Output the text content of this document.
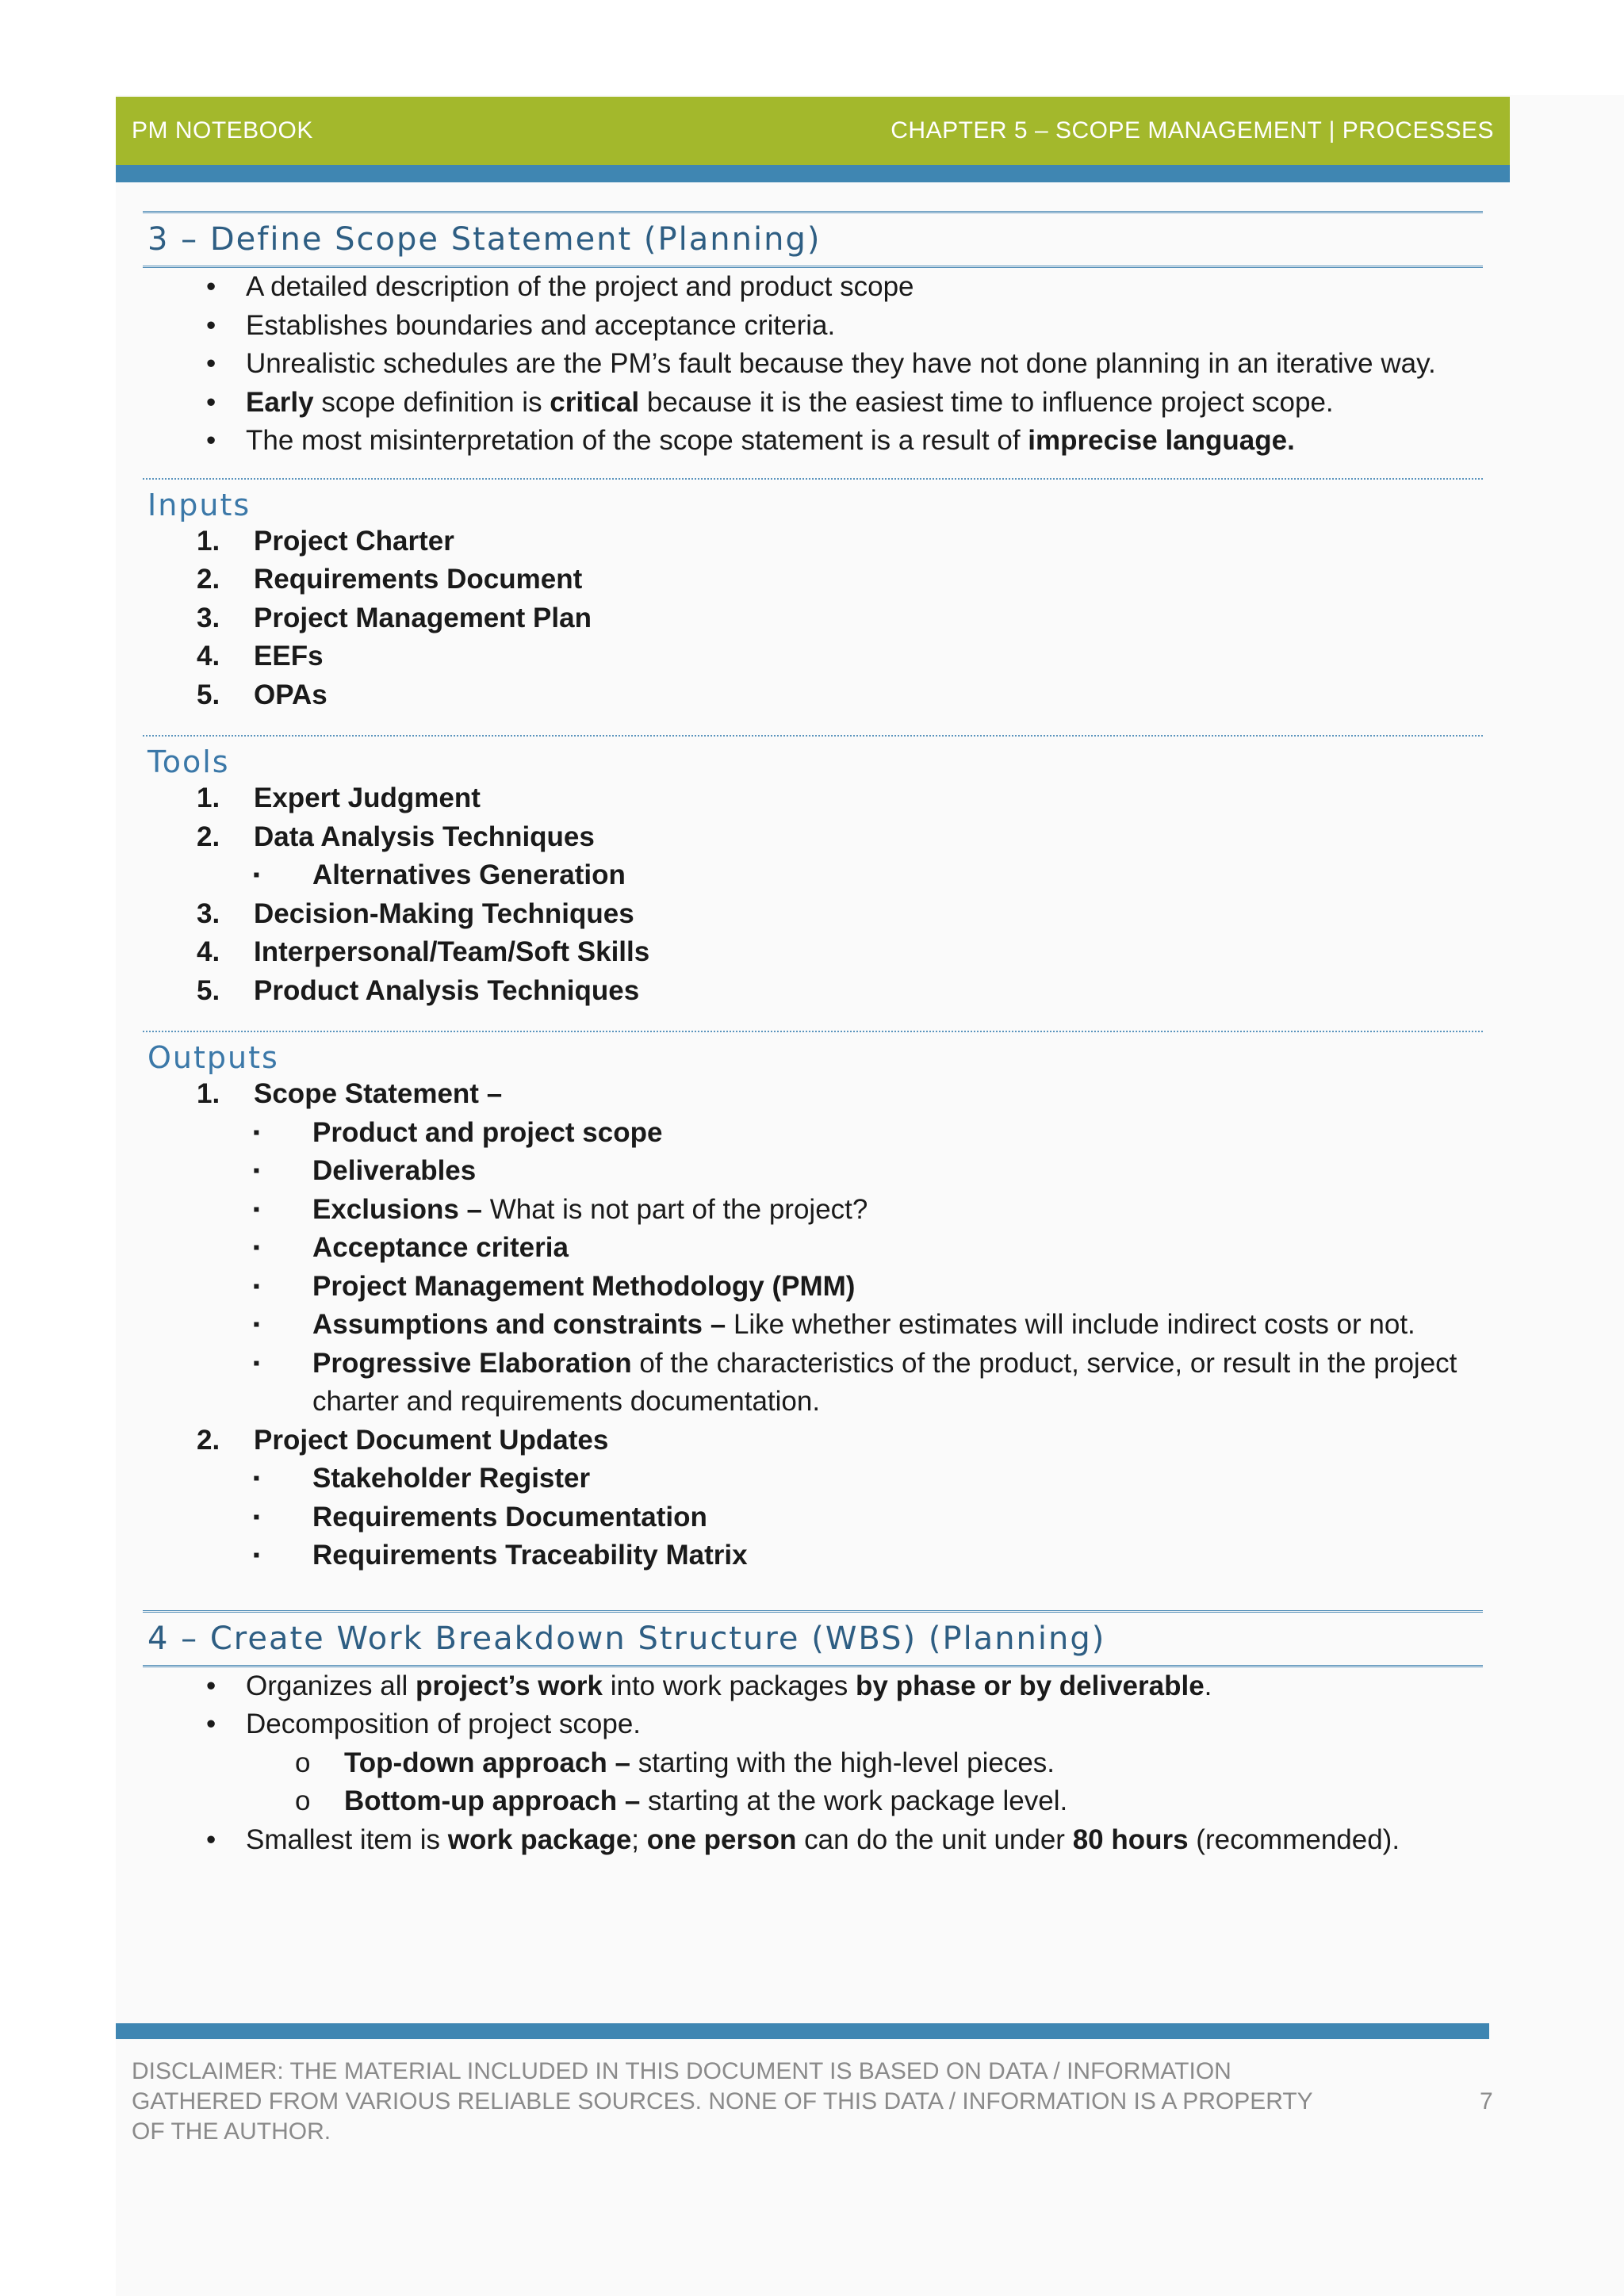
PM NOTEBOOK	CHAPTER 5 – SCOPE MANAGEMENT | PROCESSES
3 – Define Scope Statement (Planning)
• A detailed description of the project and product scope
• Establishes boundaries and acceptance criteria.
• Unrealistic schedules are the PM’s fault because they have not done planning in an iterative way.
• Early scope definition is critical because it is the easiest time to influence project scope.
• The most misinterpretation of the scope statement is a result of imprecise language.
Inputs
1. Project Charter
2. Requirements Document
3. Project Management Plan
4. EEFs
5. OPAs
Tools
1. Expert Judgment
2. Data Analysis Techniques
▪ Alternatives Generation
3. Decision-Making Techniques
4. Interpersonal/Team/Soft Skills
5. Product Analysis Techniques
Outputs
1. Scope Statement –
▪ Product and project scope
▪ Deliverables
▪ Exclusions – What is not part of the project?
▪ Acceptance criteria
▪ Project Management Methodology (PMM)
▪ Assumptions and constraints – Like whether estimates will include indirect costs or not.
▪ Progressive Elaboration of the characteristics of the product, service, or result in the project charter and requirements documentation.
2. Project Document Updates
▪ Stakeholder Register
▪ Requirements Documentation
▪ Requirements Traceability Matrix
4 – Create Work Breakdown Structure (WBS) (Planning)
• Organizes all project’s work into work packages by phase or by deliverable.
• Decomposition of project scope.
o Top-down approach – starting with the high-level pieces.
o Bottom-up approach – starting at the work package level.
• Smallest item is work package; one person can do the unit under 80 hours (recommended).
DISCLAIMER: THE MATERIAL INCLUDED IN THIS DOCUMENT IS BASED ON DATA / INFORMATION GATHERED FROM VARIOUS RELIABLE SOURCES. NONE OF THIS DATA / INFORMATION IS A PROPERTY OF THE AUTHOR.
7
